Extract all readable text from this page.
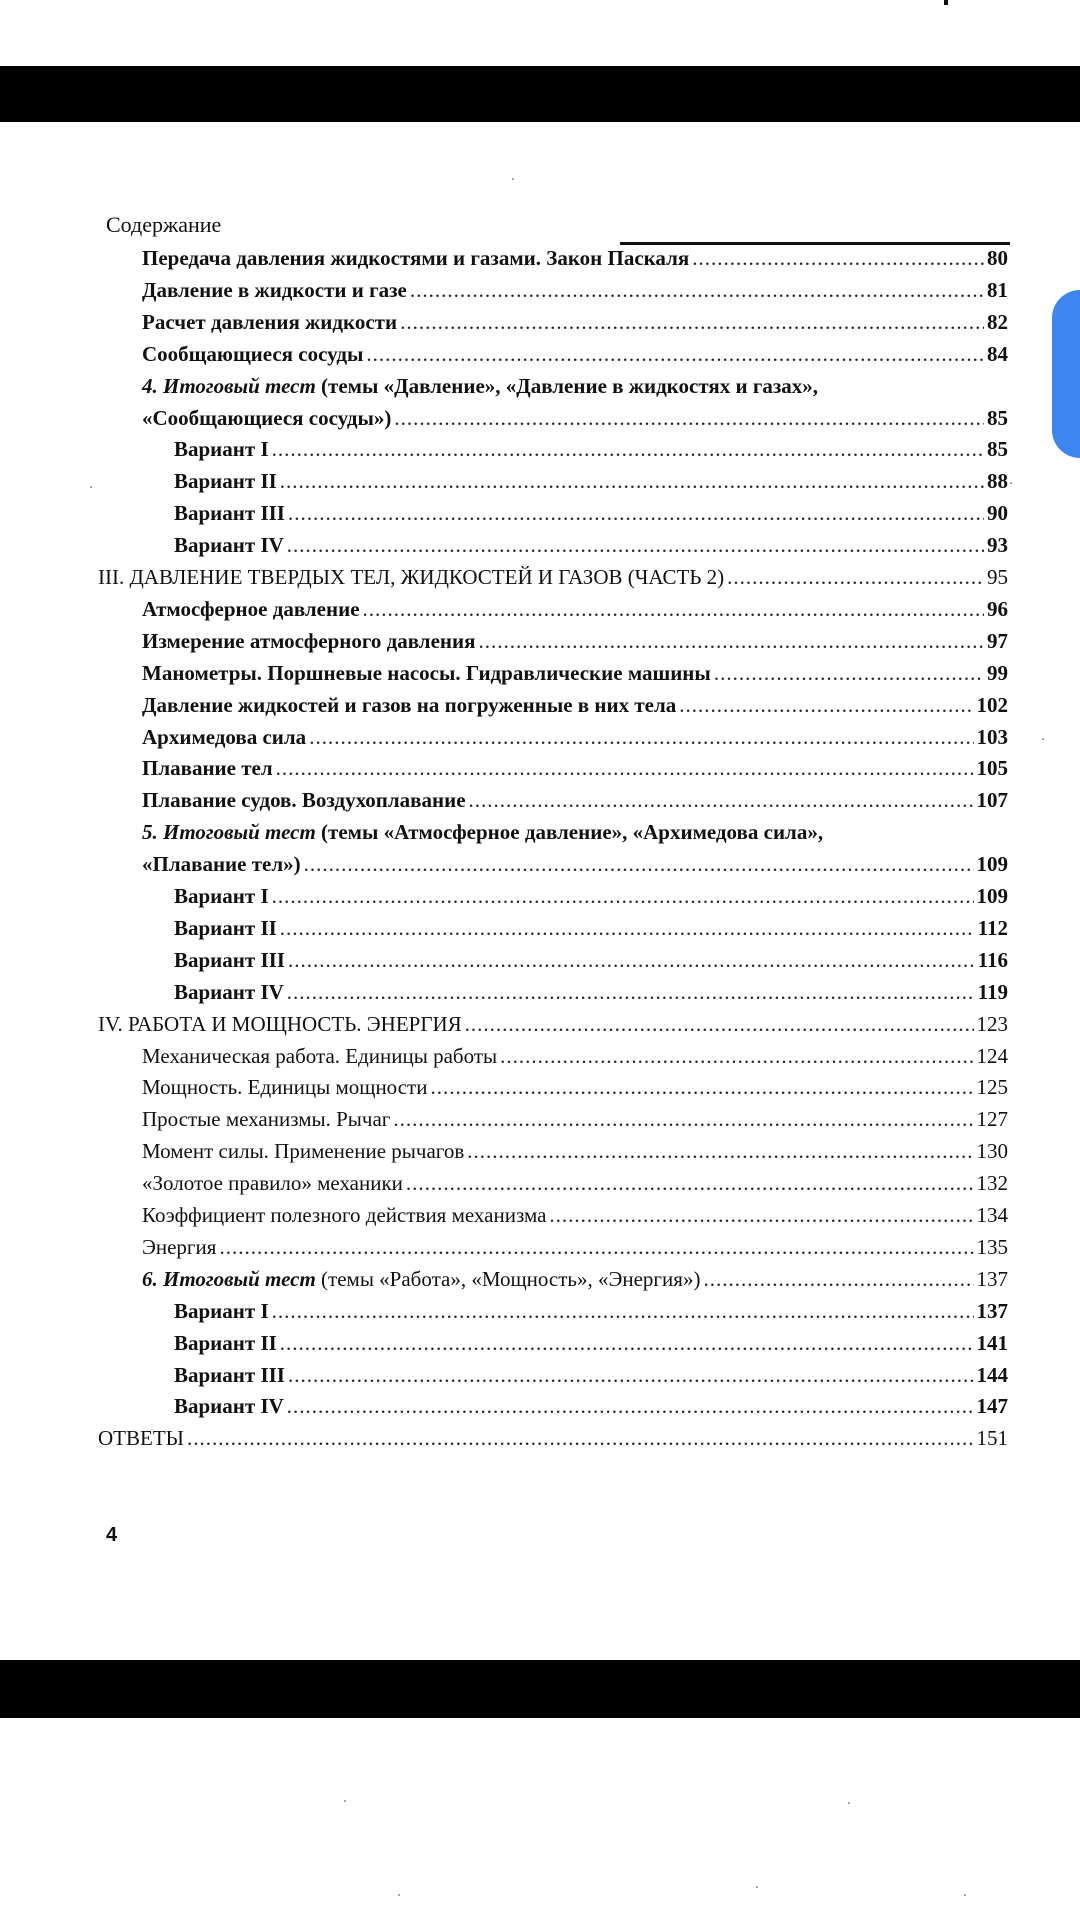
Содержание
Передача давления жидкостями и газами. Закон Паскаля .....	80
Давление в жидкости и газе .....	81
Расчет давления жидкости .....	82
Сообщающиеся сосуды .....	84
4. Итоговый тест (темы «Давление», «Давление в жидкостях и газах»,
«Сообщающиеся сосуды») .....	85
Вариант I .....	85
Вариант II .....	88
Вариант III .....	90
Вариант IV .....	93
III. ДАВЛЕНИЕ ТВЕРДЫХ ТЕЛ, ЖИДКОСТЕЙ И ГАЗОВ (ЧАСТЬ 2) .....	95
Атмосферное давление .....	96
Измерение атмосферного давления .....	97
Манометры. Поршневые насосы. Гидравлические машины .....	99
Давление жидкостей и газов на погруженные в них тела .....	102
Архимедова сила .....	103
Плавание тел .....	105
Плавание судов. Воздухоплавание .....	107
5. Итоговый тест (темы «Атмосферное давление», «Архимедова сила»,
«Плавание тел») .....	109
Вариант I .....	109
Вариант II .....	112
Вариант III .....	116
Вариант IV .....	119
IV. РАБОТА И МОЩНОСТЬ. ЭНЕРГИЯ .....	123
Механическая работа. Единицы работы .....	124
Мощность. Единицы мощности .....	125
Простые механизмы. Рычаг .....	127
Момент силы. Применение рычагов .....	130
«Золотое правило» механики .....	132
Коэффициент полезного действия механизма .....	134
Энергия .....	135
6. Итоговый тест (темы «Работа», «Мощность», «Энергия») .....	137
Вариант I .....	137
Вариант II .....	141
Вариант III .....	144
Вариант IV .....	147
ОТВЕТЫ .....	151
4
